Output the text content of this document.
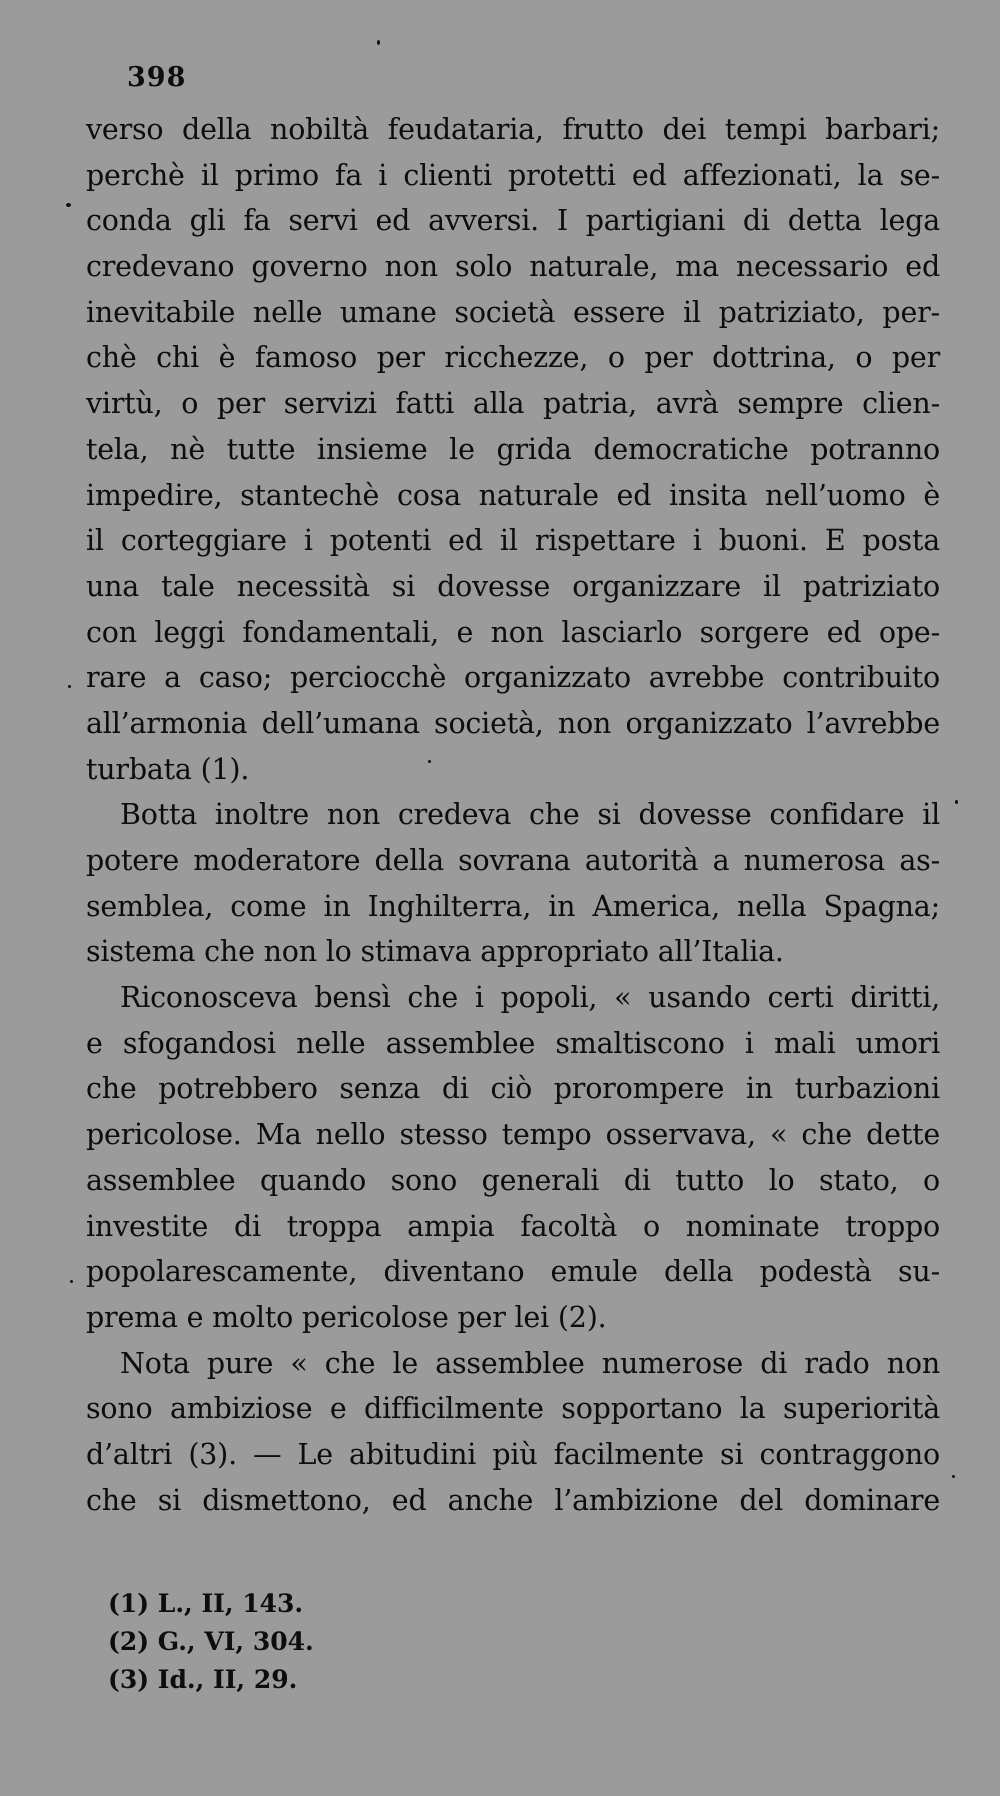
398
verso della nobiltà feudataria, frutto dei tempi barbari;
perchè il primo fa i clienti protetti ed affezionati, la se-
conda gli fa servi ed avversi. I partigiani di detta lega
credevano governo non solo naturale, ma necessario ed
inevitabile nelle umane società essere il patriziato, per-
chè chi è famoso per ricchezze, o per dottrina, o per
virtù, o per servizi fatti alla patria, avrà sempre clien-
tela, nè tutte insieme le grida democratiche potranno
impedire, stantechè cosa naturale ed insita nell’uomo è
il corteggiare i potenti ed il rispettare i buoni. E posta
una tale necessità si dovesse organizzare il patriziato
con leggi fondamentali, e non lasciarlo sorgere ed ope-
rare a caso; perciocchè organizzato avrebbe contribuito
all’armonia dell’umana società, non organizzato l’avrebbe
turbata (1).
Botta inoltre non credeva che si dovesse confidare il
potere moderatore della sovrana autorità a numerosa as-
semblea, come in Inghilterra, in America, nella Spagna;
sistema che non lo stimava appropriato all’Italia.
Riconosceva bensì che i popoli, « usando certi diritti,
e sfogandosi nelle assemblee smaltiscono i mali umori
che potrebbero senza di ciò prorompere in turbazioni
pericolose. Ma nello stesso tempo osservava, « che dette
assemblee quando sono generali di tutto lo stato, o
investite di troppa ampia facoltà o nominate troppo
popolarescamente, diventano emule della podestà su-
prema e molto pericolose per lei (2).
Nota pure « che le assemblee numerose di rado non
sono ambiziose e difficilmente sopportano la superiorità
d’altri (3). — Le abitudini più facilmente si contraggono
che si dismettono, ed anche l’ambizione del dominare
(1) L., II, 143.
(2) G., VI, 304.
(3) Id., II, 29.
